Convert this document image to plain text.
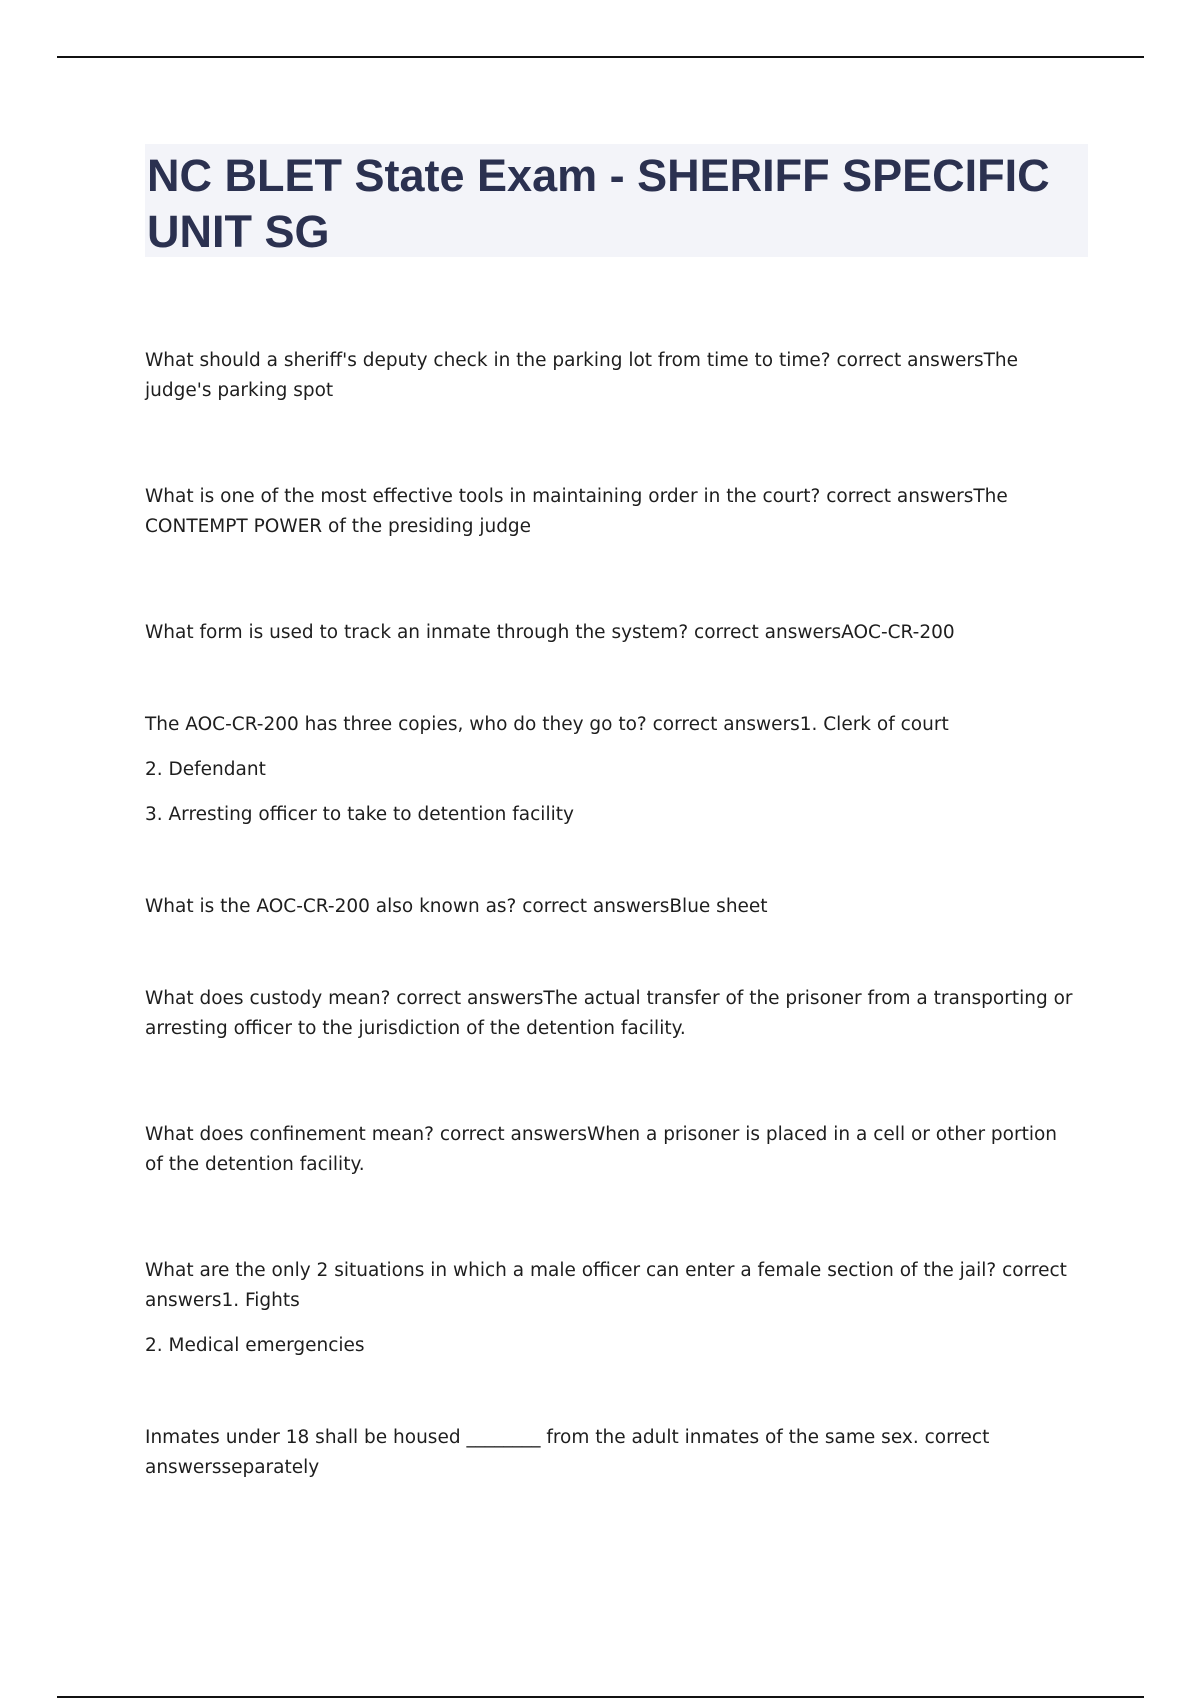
NC BLET State Exam - SHERIFF SPECIFIC UNIT SG

What should a sheriff's deputy check in the parking lot from time to time? correct answersThe judge's parking spot

What is one of the most effective tools in maintaining order in the court? correct answersThe CONTEMPT POWER of the presiding judge

What form is used to track an inmate through the system? correct answersAOC-CR-200

The AOC-CR-200 has three copies, who do they go to? correct answers1. Clerk of court

2. Defendant

3. Arresting officer to take to detention facility

What is the AOC-CR-200 also known as? correct answersBlue sheet

What does custody mean? correct answersThe actual transfer of the prisoner from a transporting or arresting officer to the jurisdiction of the detention facility.

What does confinement mean? correct answersWhen a prisoner is placed in a cell or other portion of the detention facility.

What are the only 2 situations in which a male officer can enter a female section of the jail? correct answers1. Fights

2. Medical emergencies

Inmates under 18 shall be housed ________ from the adult inmates of the same sex. correct answersseparately
